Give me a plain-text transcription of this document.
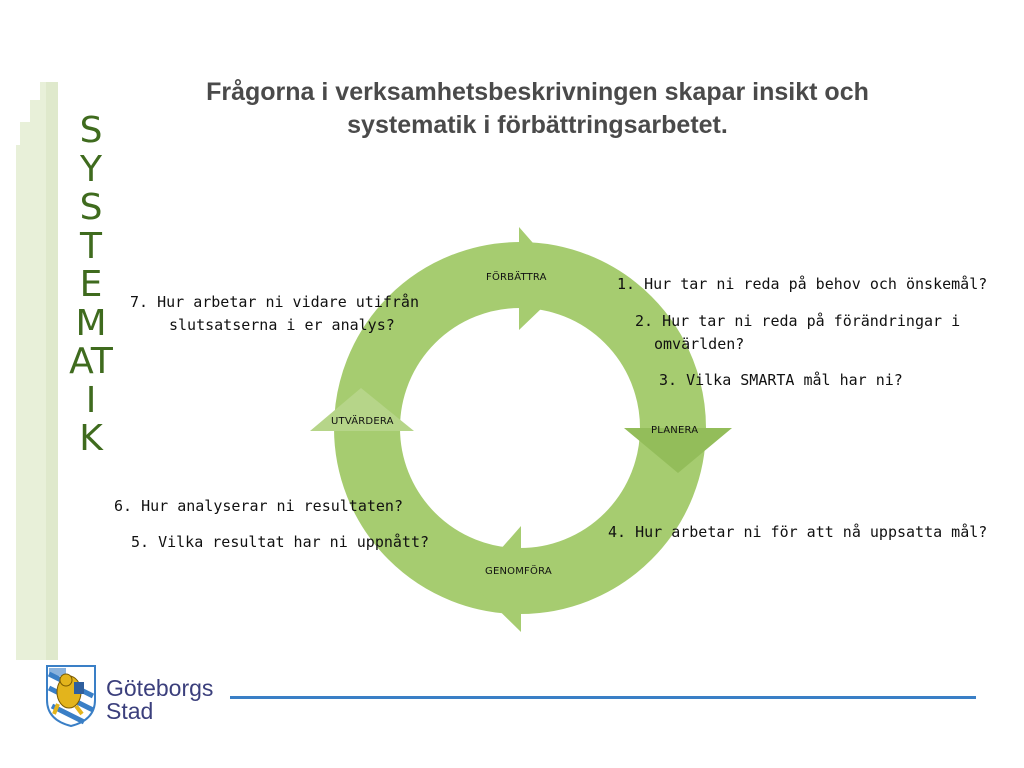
S
Y
S
T
E
M
AT
I
K
Frågorna i verksamhetsbeskrivningen skapar insikt och systematik i förbättringsarbetet.
FÖRBÄTTRA
PLANERA
GENOMFÖRA
UTVÄRDERA
1. Hur tar ni reda på behov och önskemål?
2. Hur tar ni reda på förändringar i
omvärlden?
3. Vilka SMARTA mål har ni?
4. Hur arbetar ni för att nå uppsatta mål?
5. Vilka resultat har ni uppnått?
6. Hur analyserar ni resultaten?
7. Hur arbetar ni vidare utifrån
slutsatserna i er analys?
Göteborgs
Stad
